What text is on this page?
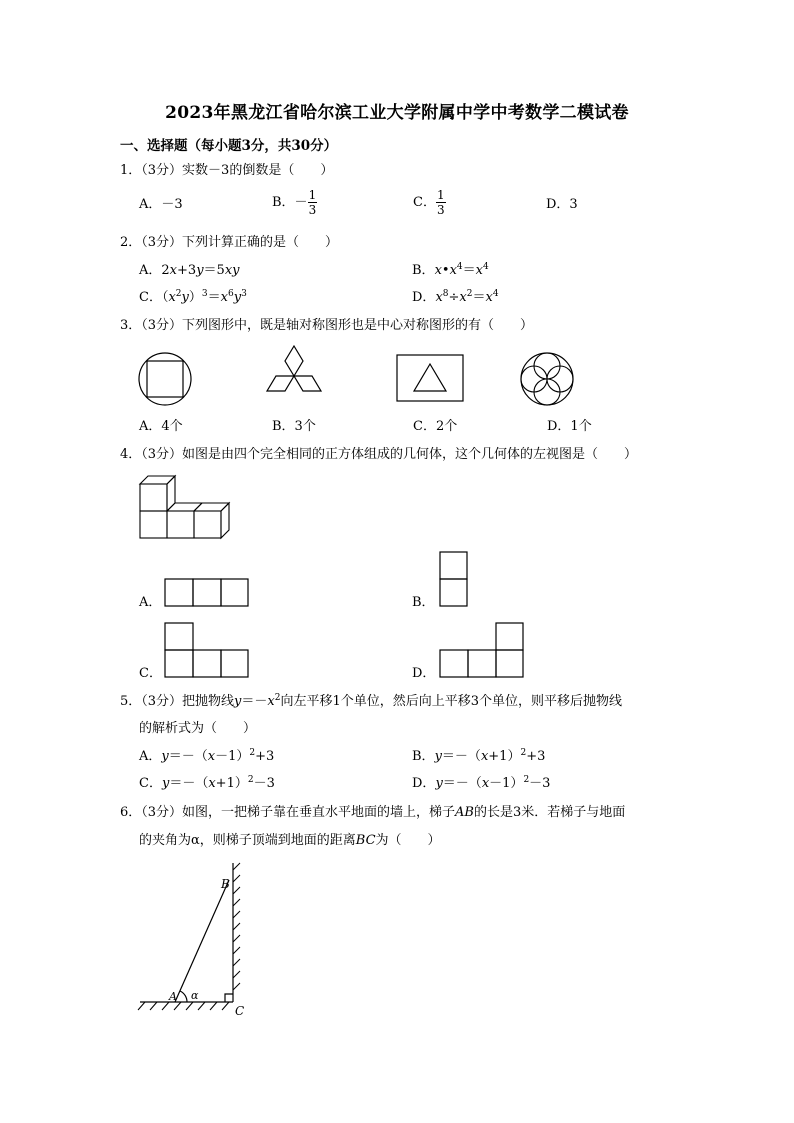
2023年黑龙江省哈尔滨工业大学附属中学中考数学二模试卷
一、选择题（每小题3分，共30分）
1．（3分）实数－3的倒数是（　　）
A．－3	B．－ $\frac{1}{3}$	C． $\frac{1}{3}$	D．3
2．（3分）下列计算正确的是（　　）
A．2x+3y＝5xy	B．$x•x^4=x^4$
C．$(x^2y)^3=x^6y^3$	D．$x^8\div x^2=x^4$
3．（3分）下列图形中，既是轴对称图形也是中心对称图形的有（　　）
A．4个	B．3个	C．2个	D．1个
4．（3分）如图是由四个完全相同的正方体组成的几何体，这个几何体的左视图是（　　）
A．	B．
C．	D．
5．（3分）把抛物线$y=-x^2$向左平移1个单位，然后向上平移3个单位，则平移后抛物线
的解析式为（　　）
A．$y=-(x-1)^2+3$	B．$y=-(x+1)^2+3$
C．$y=-(x+1)^2-3$	D．$y=-(x-1)^2-3$
6．（3分）如图，一把梯子靠在垂直水平地面的墙上，梯子AB的长是3米．若梯子与地面
的夹角为α，则梯子顶端到地面的距离BC为（　　）
B
A α
C
